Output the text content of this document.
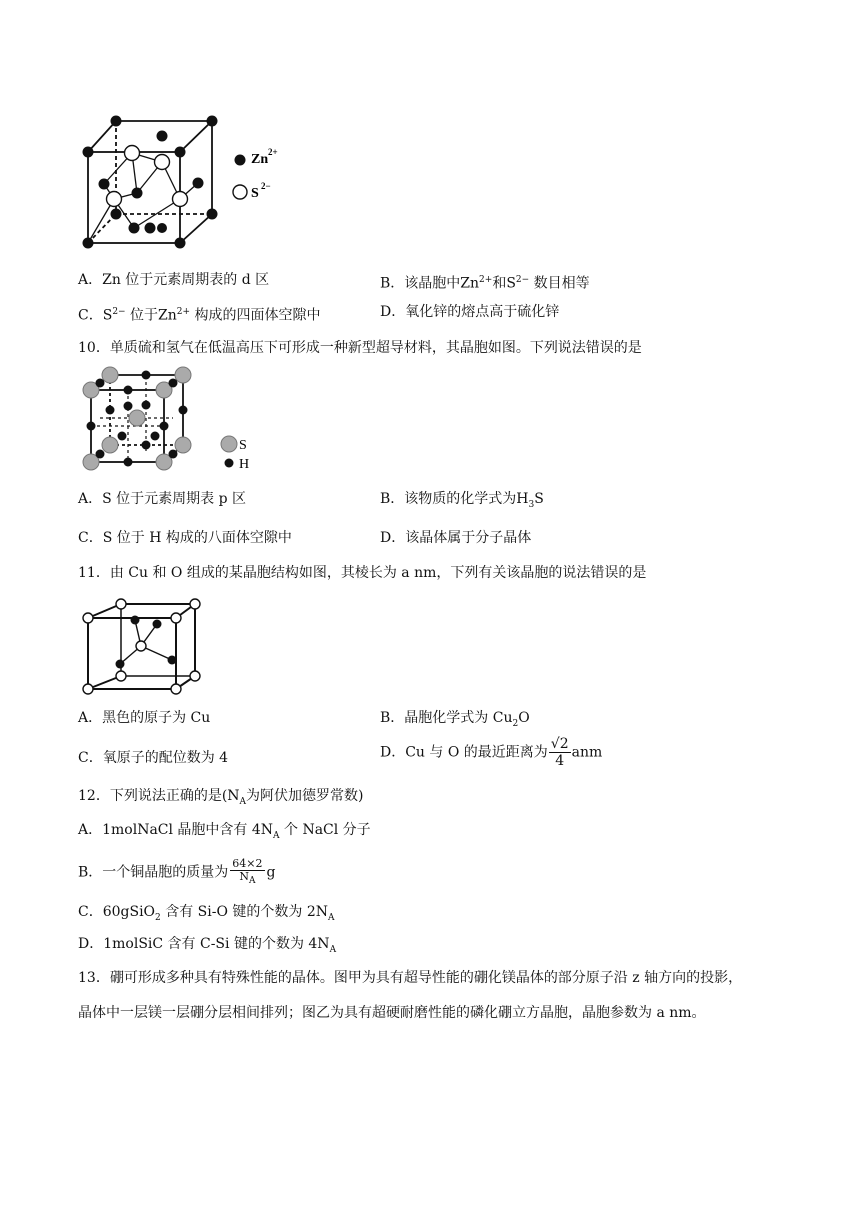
Zn 2+
S 2−
A．Zn 位于元素周期表的 d 区	B．该晶胞中$Zn^{2+}$和$S^{2-}$ 数目相等
C．$S^{2-}$ 位于$Zn^{2+}$ 构成的四面体空隙中	D．氧化锌的熔点高于硫化锌
10．单质硫和氢气在低温高压下可形成一种新型超导材料，其晶胞如图。下列说法错误的是
S
H
A．S 位于元素周期表 p 区	B．该物质的化学式为$H_3S$
C．S 位于 H 构成的八面体空隙中	D．该晶体属于分子晶体
11．由 Cu 和 O 组成的某晶胞结构如图，其棱长为 a nm，下列有关该晶胞的说法错误的是
A．黑色的原子为 Cu	B．晶胞化学式为 $Cu_2O$
C．氧原子的配位数为 4	D．Cu 与 O 的最近距离为 $\frac{√2}{4}anm$
12．下列说法正确的是($N_A$为阿伏加德罗常数)
A．1molNaCl 晶胞中含有 $4N_A$ 个 NaCl 分子
B．一个铜晶胞的质量为 $\frac{64\times 2}{N_A}$ g
C．60gSiO$_2$ 含有 Si-O 键的个数为 $2N_A$
D．1molSiC 含有 C-Si 键的个数为 $4N_A$
13．硼可形成多种具有特殊性能的晶体。图甲为具有超导性能的硼化镁晶体的部分原子沿 z 轴方向的投影，
晶体中一层镁一层硼分层相间排列；图乙为具有超硬耐磨性能的磷化硼立方晶胞，晶胞参数为 a nm。
